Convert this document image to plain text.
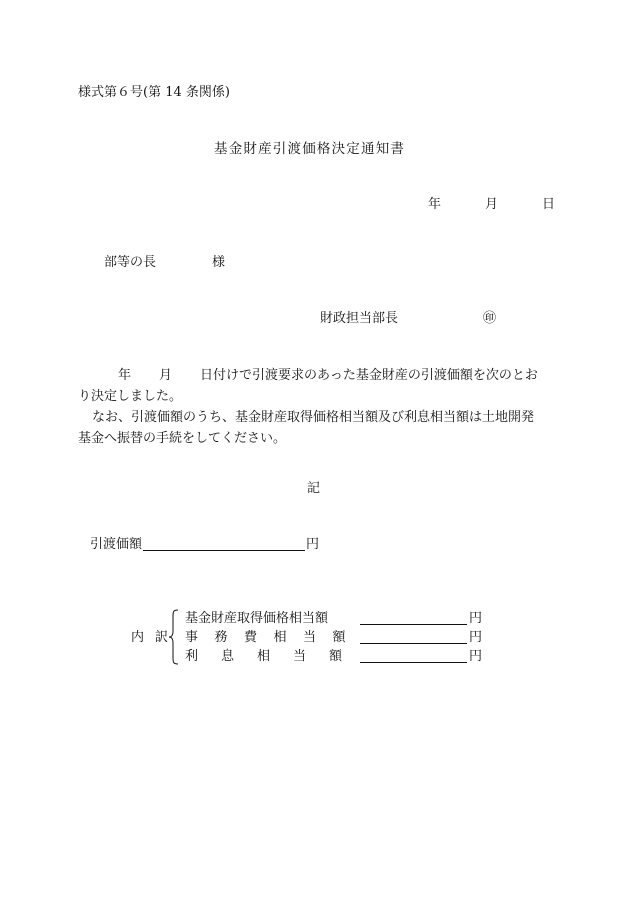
様式第６号(第 14 条関係)
基金財産引渡価格決定通知書
年	月	日
部等の長	様
財政担当部長	㊞

年 月 日付けで引渡要求のあった基金財産の引渡価額を次のとお
り決定しました。

なお、引渡価額のうち、基金財産取得価格相当額及び利息相当額は土地開発
基金へ振替の手続をしてください。

記
引渡価額	円
内 訳
基金財産取得価格相当額	円
事 務 費 相 当 額	円
利 息 相 当 額	円
